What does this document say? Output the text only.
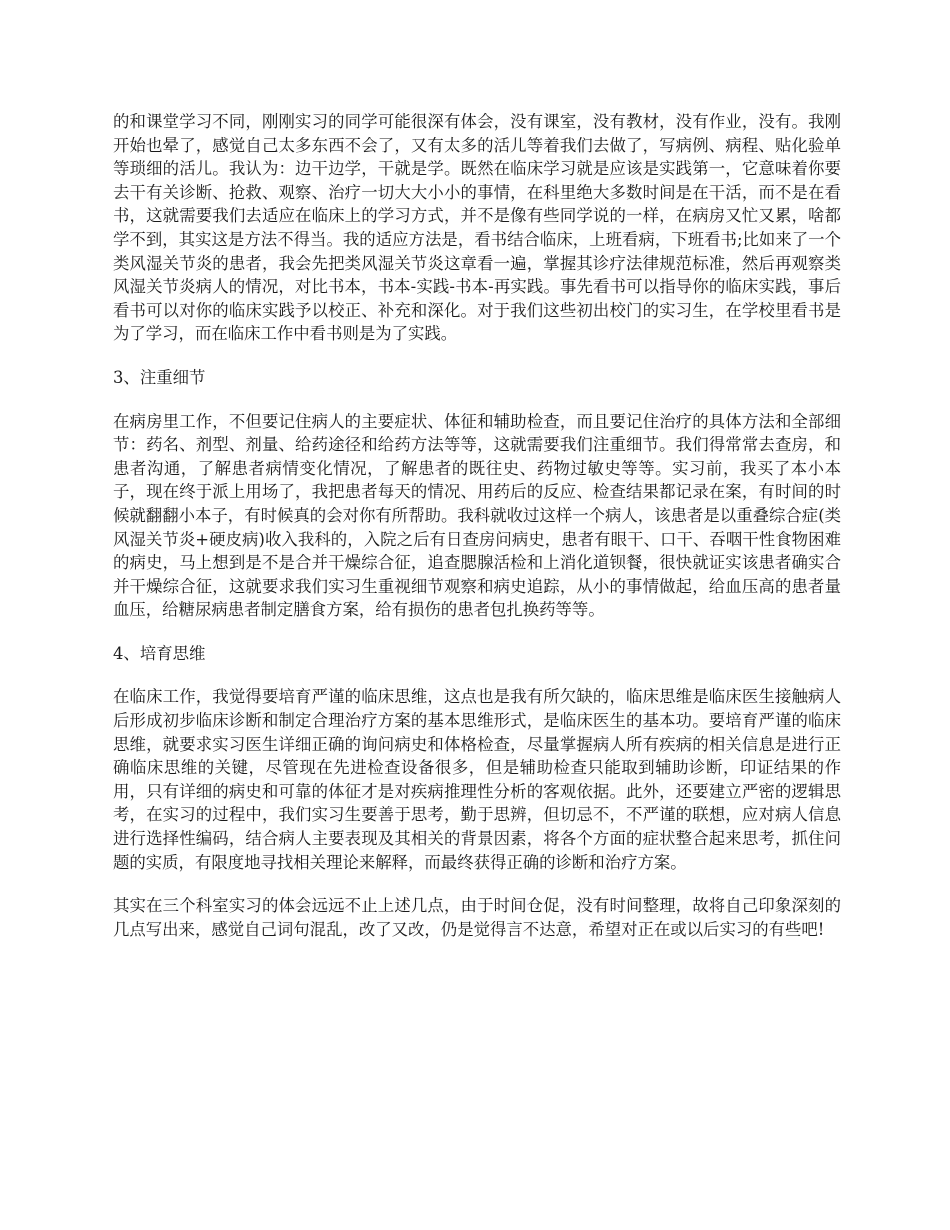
的和课堂学习不同，刚刚实习的同学可能很深有体会，没有课室，没有教材，没有作业，没有。我刚开始也晕了，感觉自己太多东西不会了，又有太多的活儿等着我们去做了，写病例、病程、贴化验单等琐细的活儿。我认为：边干边学，干就是学。既然在临床学习就是应该是实践第一，它意味着你要去干有关诊断、抢救、观察、治疗一切大大小小的事情，在科里绝大多数时间是在干活，而不是在看书，这就需要我们去适应在临床上的学习方式，并不是像有些同学说的一样，在病房又忙又累，啥都学不到，其实这是方法不得当。我的适应方法是，看书结合临床，上班看病，下班看书;比如来了一个类风湿关节炎的患者，我会先把类风湿关节炎这章看一遍，掌握其诊疗法律规范标准，然后再观察类风湿关节炎病人的情况，对比书本，书本-实践-书本-再实践。事先看书可以指导你的临床实践，事后看书可以对你的临床实践予以校正、补充和深化。对于我们这些初出校门的实习生，在学校里看书是为了学习，而在临床工作中看书则是为了实践。

3、注重细节

在病房里工作，不但要记住病人的主要症状、体征和辅助检查，而且要记住治疗的具体方法和全部细节：药名、剂型、剂量、给药途径和给药方法等等，这就需要我们注重细节。我们得常常去查房，和患者沟通，了解患者病情变化情况，了解患者的既往史、药物过敏史等等。实习前，我买了本小本子，现在终于派上用场了，我把患者每天的情况、用药后的反应、检查结果都记录在案，有时间的时候就翻翻小本子，有时候真的会对你有所帮助。我科就收过这样一个病人，该患者是以重叠综合症(类风湿关节炎+硬皮病)收入我科的，入院之后有日查房问病史，患者有眼干、口干、吞咽干性食物困难的病史，马上想到是不是合并干燥综合征，追查腮腺活检和上消化道钡餐，很快就证实该患者确实合并干燥综合征，这就要求我们实习生重视细节观察和病史追踪，从小的事情做起，给血压高的患者量血压，给糖尿病患者制定膳食方案，给有损伤的患者包扎换药等等。

4、培育思维

在临床工作，我觉得要培育严谨的临床思维，这点也是我有所欠缺的，临床思维是临床医生接触病人后形成初步临床诊断和制定合理治疗方案的基本思维形式，是临床医生的基本功。要培育严谨的临床思维，就要求实习医生详细正确的询问病史和体格检查，尽量掌握病人所有疾病的相关信息是进行正确临床思维的关键，尽管现在先进检查设备很多，但是辅助检查只能取到辅助诊断，印证结果的作用，只有详细的病史和可靠的体征才是对疾病推理性分析的客观依据。此外，还要建立严密的逻辑思考，在实习的过程中，我们实习生要善于思考，勤于思辨，但切忌不，不严谨的联想，应对病人信息进行选择性编码，结合病人主要表现及其相关的背景因素，将各个方面的症状整合起来思考，抓住问题的实质，有限度地寻找相关理论来解释，而最终获得正确的诊断和治疗方案。

其实在三个科室实习的体会远远不止上述几点，由于时间仓促，没有时间整理，故将自己印象深刻的几点写出来，感觉自己词句混乱，改了又改，仍是觉得言不达意，希望对正在或以后实习的有些吧!
